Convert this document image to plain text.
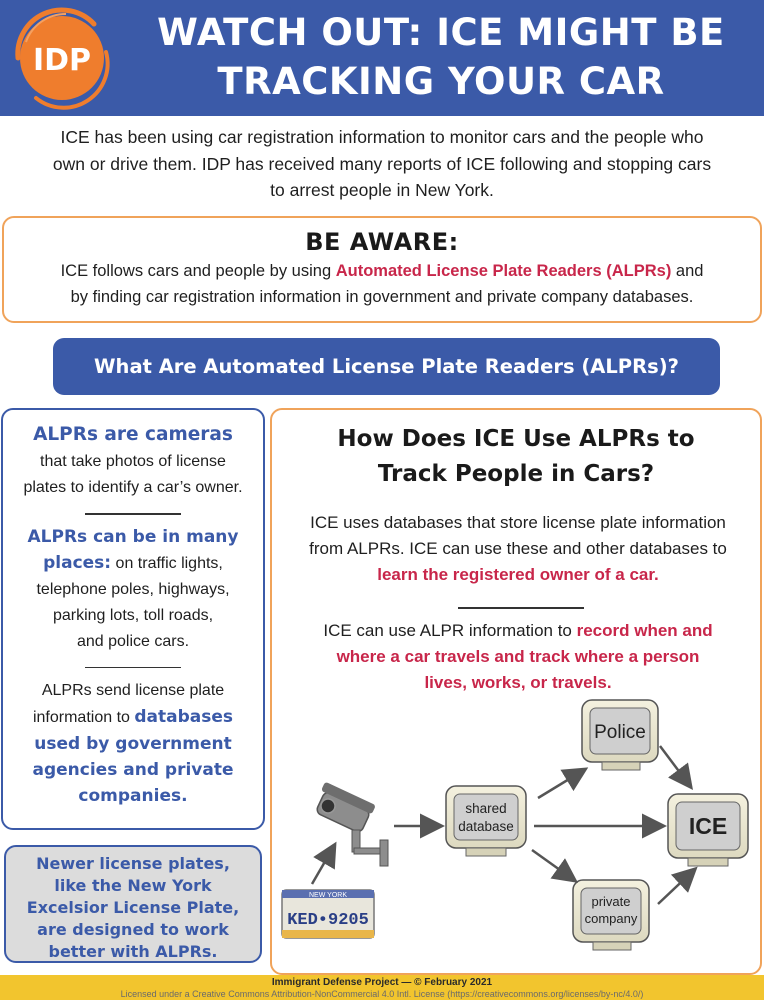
IDP
WATCH OUT: ICE MIGHT BE
TRACKING YOUR CAR
ICE has been using car registration information to monitor cars and the people who
own or drive them. IDP has received many reports of ICE following and stopping cars
to arrest people in New York.
BE AWARE:
ICE follows cars and people by using Automated License Plate Readers (ALPRs) and
by finding car registration information in government and private company databases.
What Are Automated License Plate Readers (ALPRs)?
ALPRs are cameras
that take photos of license
plates to identify a car’s owner.
ALPRs can be in many
places: on traffic lights,
telephone poles, highways,
parking lots, toll roads,
and police cars.
ALPRs send license plate
information to databases
used by government
agencies and private
companies.
Newer license plates,
like the New York
Excelsior License Plate,
are designed to work
better with ALPRs.
How Does ICE Use ALPRs to
Track People in Cars?
ICE uses databases that store license plate information
from ALPRs. ICE can use these and other databases to
learn the registered owner of a car.
ICE can use ALPR information to record when and
where a car travels and track where a person
lives, works, or travels.
NEW YORK
KED•9205
shared
database
Police
ICE
private
company
Immigrant Defense Project — © February 2021
Licensed under a Creative Commons Attribution-NonCommercial 4.0 Intl. License (https://creativecommons.org/licenses/by-nc/4.0/)
